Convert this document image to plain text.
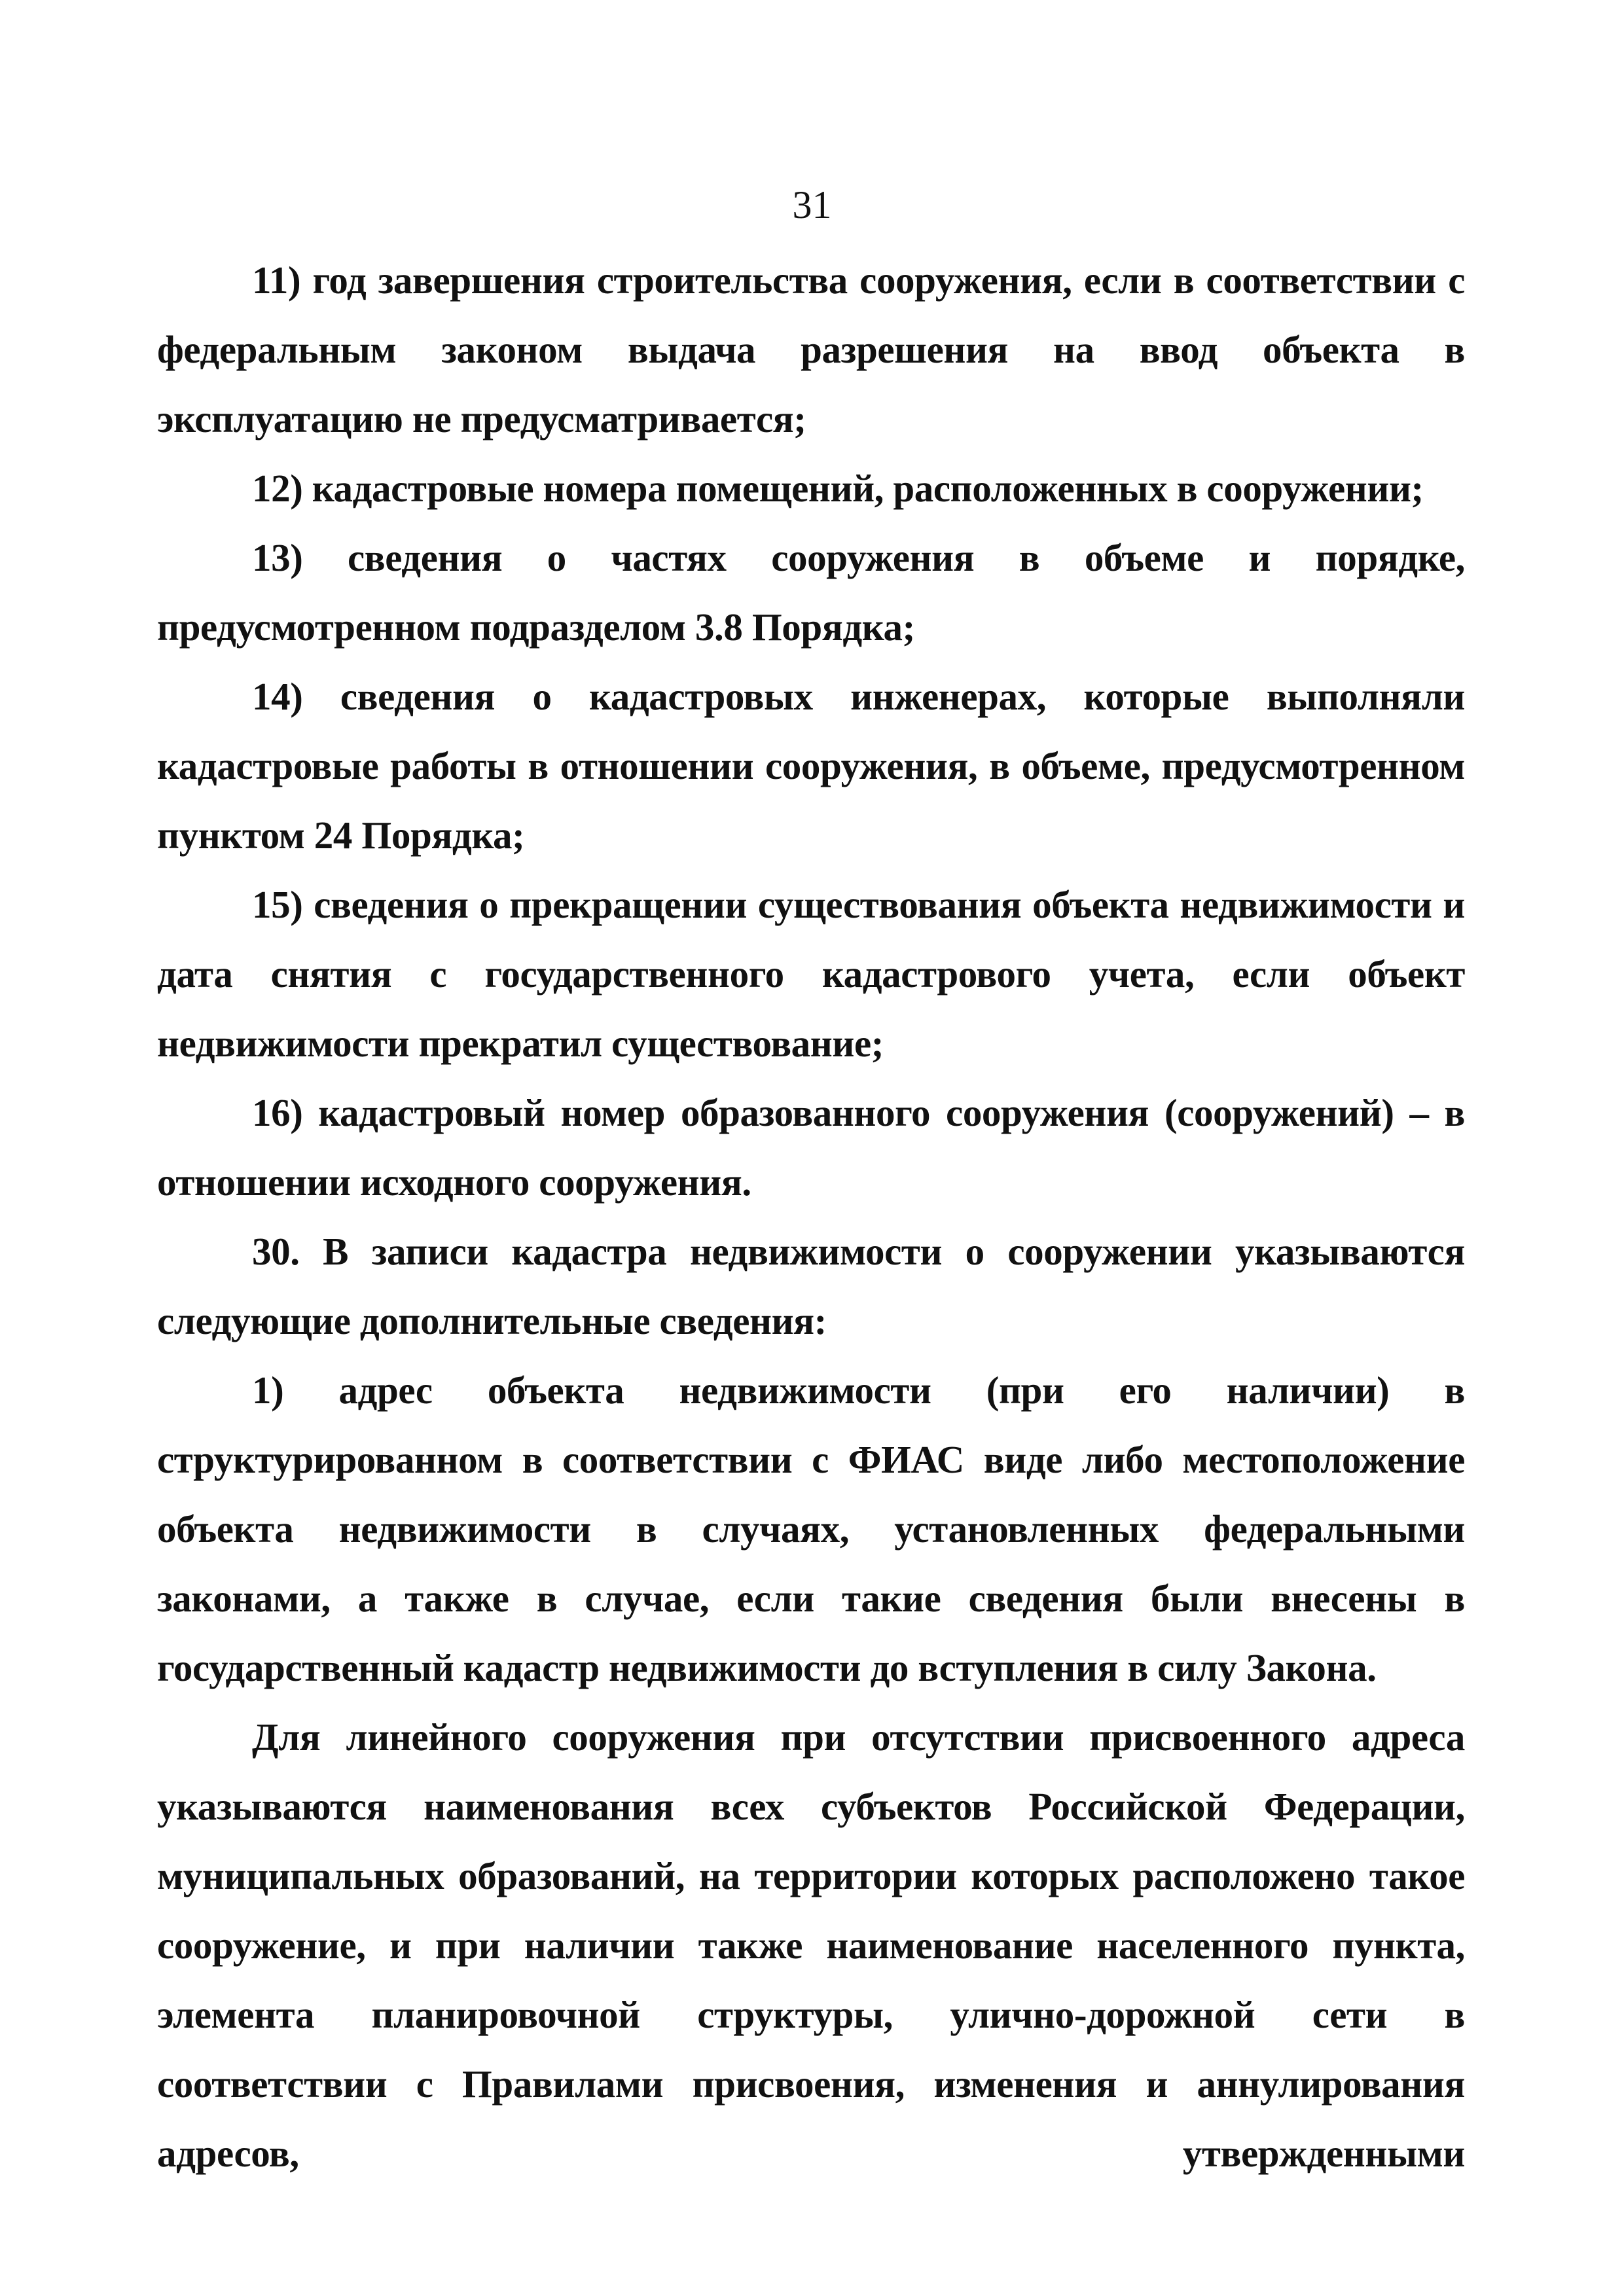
31

11) год завершения строительства сооружения, если в соответствии с федеральным законом выдача разрешения на ввод объекта в эксплуатацию не предусматривается;

12) кадастровые номера помещений, расположенных в сооружении;

13) сведения о частях сооружения в объеме и порядке, предусмотренном подразделом 3.8 Порядка;

14) сведения о кадастровых инженерах, которые выполняли кадастровые работы в отношении сооружения, в объеме, предусмотренном пунктом 24 Порядка;

15) сведения о прекращении существования объекта недвижимости и дата снятия с государственного кадастрового учета, если объект недвижимости прекратил существование;

16) кадастровый номер образованного сооружения (сооружений) – в отношении исходного сооружения.

30. В записи кадастра недвижимости о сооружении указываются следующие дополнительные сведения:

1) адрес объекта недвижимости (при его наличии) в структурированном в соответствии с ФИАС виде либо местоположение объекта недвижимости в случаях, установленных федеральными законами, а также в случае, если такие сведения были внесены в государственный кадастр недвижимости до вступления в силу Закона.

Для линейного сооружения при отсутствии присвоенного адреса указываются наименования всех субъектов Российской Федерации, муниципальных образований, на территории которых расположено такое сооружение, и при наличии также наименование населенного пункта, элемента планировочной структуры, улично-дорожной сети в соответствии с Правилами присвоения, изменения и аннулирования адресов, утвержденными
